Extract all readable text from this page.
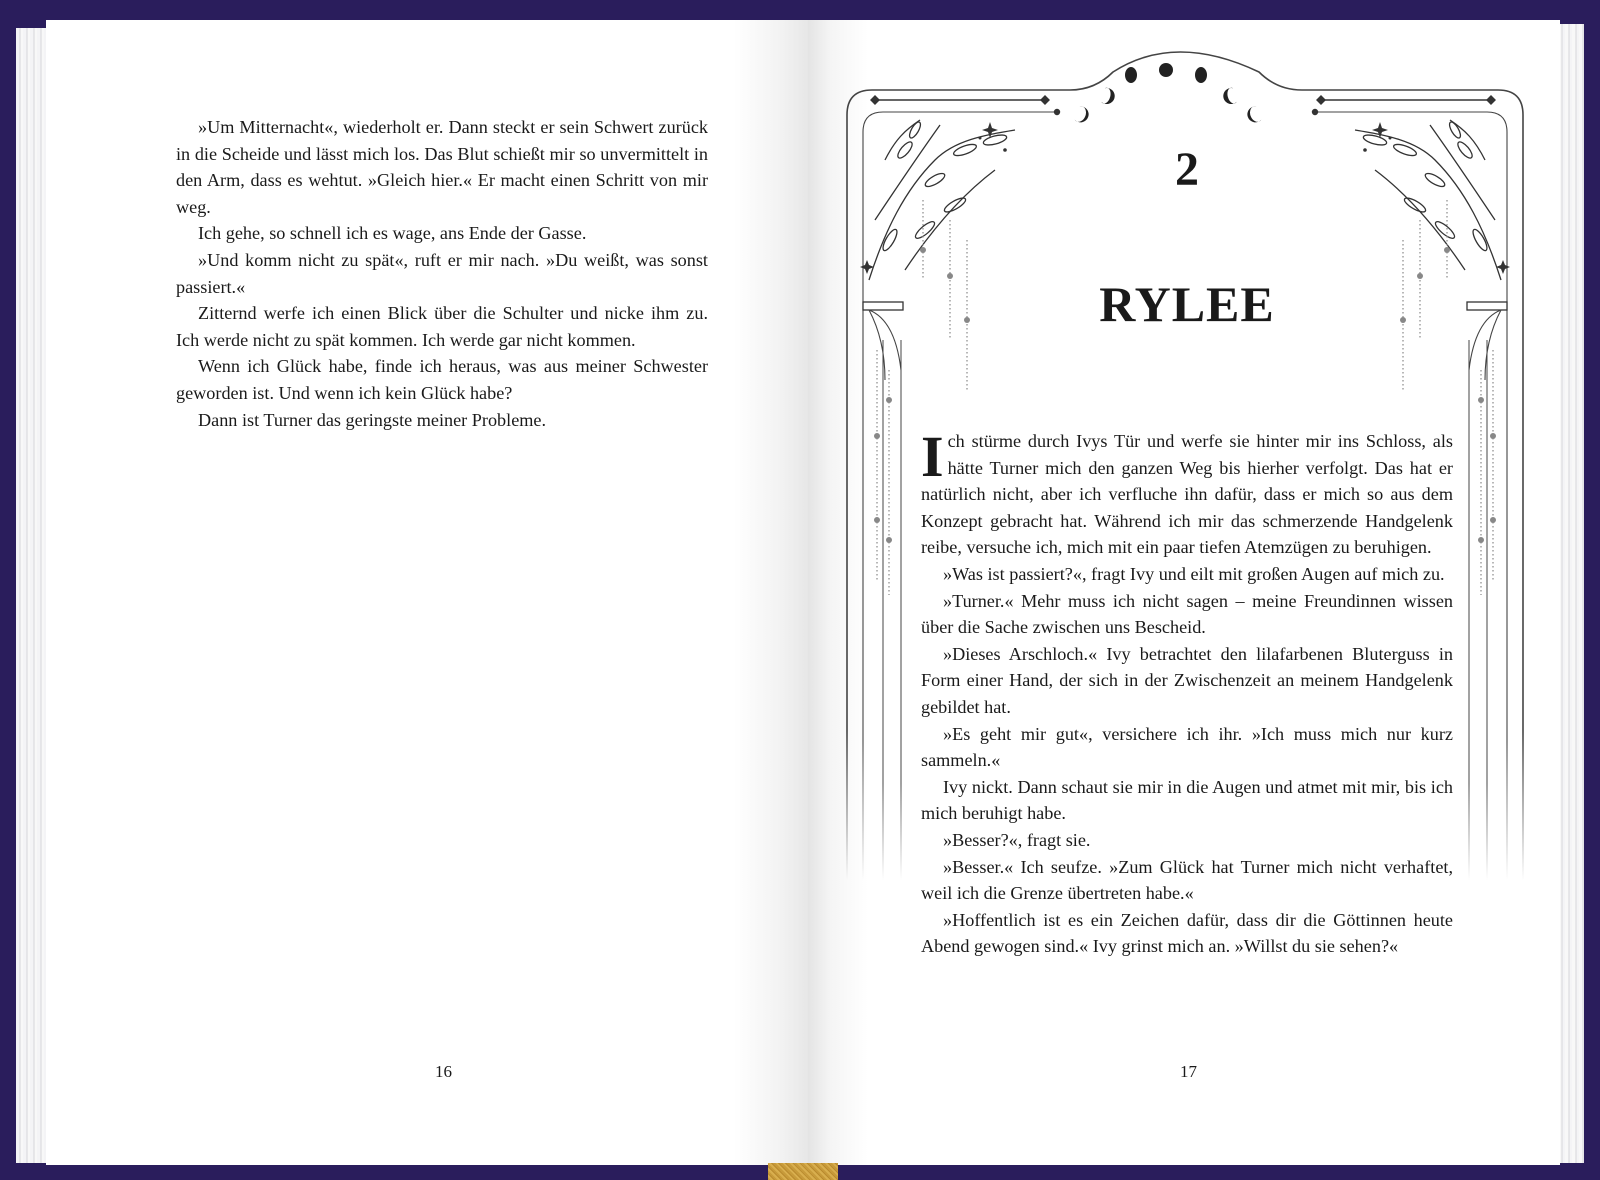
»Um Mitternacht«, wiederholt er. Dann steckt er sein Schwert zurück in die Scheide und lässt mich los. Das Blut schießt mir so unvermittelt in den Arm, dass es wehtut. »Gleich hier.« Er macht einen Schritt von mir weg.

Ich gehe, so schnell ich es wage, ans Ende der Gasse.

»Und komm nicht zu spät«, ruft er mir nach. »Du weißt, was sonst passiert.«

Zitternd werfe ich einen Blick über die Schulter und nicke ihm zu. Ich werde nicht zu spät kommen. Ich werde gar nicht kommen.

Wenn ich Glück habe, finde ich heraus, was aus meiner Schwester geworden ist. Und wenn ich kein Glück habe?

Dann ist Turner das geringste meiner Probleme.

16
2
RYLEE

Ich stürme durch Ivys Tür und werfe sie hinter mir ins Schloss, als hätte Turner mich den ganzen Weg bis hierher verfolgt. Das hat er natürlich nicht, aber ich verfluche ihn dafür, dass er mich so aus dem Konzept gebracht hat. Während ich mir das schmerzende Handgelenk reibe, versuche ich, mich mit ein paar tiefen Atemzügen zu beruhigen.

»Was ist passiert?«, fragt Ivy und eilt mit großen Augen auf mich zu.

»Turner.« Mehr muss ich nicht sagen – meine Freundinnen wissen über die Sache zwischen uns Bescheid.

»Dieses Arschloch.« Ivy betrachtet den lilafarbenen Bluterguss in Form einer Hand, der sich in der Zwischenzeit an meinem Handgelenk gebildet hat.

»Es geht mir gut«, versichere ich ihr. »Ich muss mich nur kurz sammeln.«

Ivy nickt. Dann schaut sie mir in die Augen und atmet mit mir, bis ich mich beruhigt habe.

»Besser?«, fragt sie.

»Besser.« Ich seufze. »Zum Glück hat Turner mich nicht verhaftet, weil ich die Grenze übertreten habe.«

»Hoffentlich ist es ein Zeichen dafür, dass dir die Göttinnen heute Abend gewogen sind.« Ivy grinst mich an. »Willst du sie sehen?«

17
